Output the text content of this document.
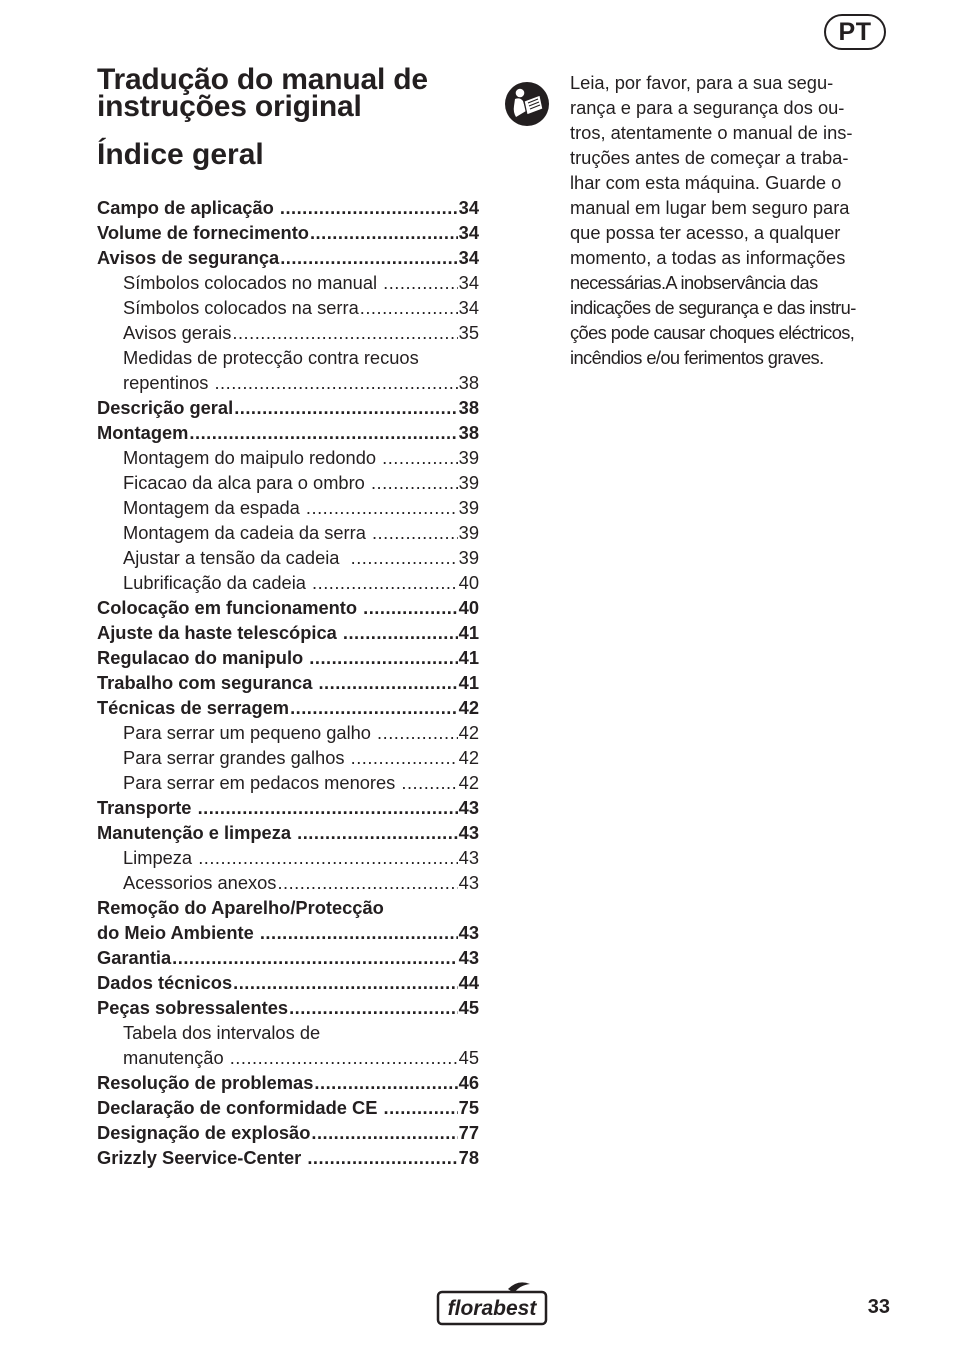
PT
Tradução do manual de
instruções original
Índice geral
Campo de aplicação .....	34
Volume de fornecimento .....	34
Avisos de segurança .....	34
Símbolos colocados no manual .....	34
Símbolos colocados na serra .....	34
Avisos gerais .....	35
Medidas de protecção contra recuos
repentinos .....	38
Descrição geral .....	38
Montagem .....	38
Montagem do maipulo redondo .....	39
Ficacao da alca para o ombro .....	39
Montagem da espada .....	39
Montagem da cadeia da serra .....	39
Ajustar a tensão da cadeia .....	39
Lubrificação da cadeia .....	40
Colocação em funcionamento .....	40
Ajuste da haste telescópica .....	41
Regulacao do manipulo .....	41
Trabalho com seguranca .....	41
Técnicas de serragem .....	42
Para serrar um pequeno galho .....	42
Para serrar grandes galhos .....	42
Para serrar em pedacos menores .....	42
Transporte .....	43
Manutenção e limpeza .....	43
Limpeza .....	43
Acessorios anexos .....	43
Remoção do Aparelho/Protecção
do Meio Ambiente .....	43
Garantia .....	43
Dados técnicos .....	44
Peças sobressalentes .....	45
Tabela dos intervalos de
manutenção .....	45
Resolução de problemas .....	46
Declaração de conformidade CE .....	75
Designação de explosão .....	77
Grizzly Seervice-Center .....	78

Leia, por favor, para a sua segu-
rança e para a segurança dos ou-
tros, atentamente o manual de ins-
truções antes de começar a traba-
lhar com esta máquina. Guarde o
manual em lugar bem seguro para
que possa ter acesso, a qualquer
momento, a todas as informações
necessárias.A inobservância das
indicações de segurança e das instru-
ções pode causar choques eléctricos,
incêndios e/ou ferimentos graves.

florabest	33
